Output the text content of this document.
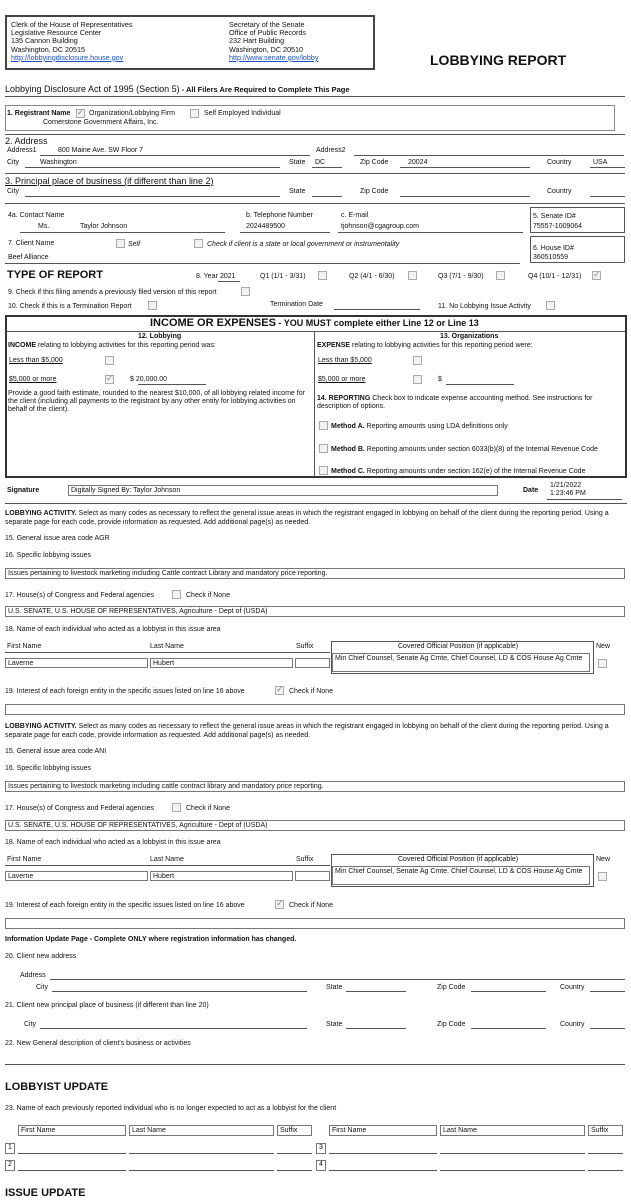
Clerk of the House of Representatives
Legislative Resource Center
135 Cannon Building
Washington, DC 20515
http://lobbyingdisclosure.house.gov
Secretary of the Senate
Office of Public Records
232 Hart Building
Washington, DC 20510
http://www.senate.gov/lobby	LOBBYING REPORT
Lobbying Disclosure Act of 1995 (Section 5) - All Filers Are Required to Complete This Page
1. Registrant Name ✓	Organization/Lobbying Firm	Self Employed Individual
Cornerstone Government Affairs, Inc.
2. Address
Address1	800 Maine Ave. SW Floor 7	Address2
City	Washington	State DC	Zip Code	20024	Country	USA
3. Principal place of business (if different than line 2)
City	State	Zip Code	Country
4a. Contact Name
Ms.	Taylor Johnson
b. Telephone Number
2024489500
c. E-mail
tjohnson@cgagroup.com
5. Senate ID#
75557-1009064
7. Client Name	Self	Check if client is a state or local government or instrumentality
Beef Alliance
6. House ID#
360510559
TYPE OF REPORT	8. Year 2021	Q1 (1/1 - 3/31)	Q2 (4/1 - 6/30)	Q3 (7/1 - 9/30)	Q4 (10/1 - 12/31)
✓
9. Check if this filing amends a previously filed version of this report
10. Check if this is a Termination Report	Termination Date	11. No Lobbying Issue Activity
INCOME OR EXPENSES - YOU MUST complete either Line 12 or Line 13
12. Lobbying
INCOME relating to lobbying activities for this reporting period was:
Less than $5,000
$5,000 or more ✓	$ 20,000.00
Provide a good faith estimate, rounded to the nearest $10,000, of all lobbying related income for the client (including all payments to the registrant by any other entity for lobbying activities on behalf of the client).
13. Organizations
EXPENSE relating to lobbying activities for this reporting period were:
Less than $5,000
$5,000 or more	$
14. REPORTING Check box to indicate expense accounting method. See instructions for description of options.
Method A. Reporting amounts using LDA definitions only
Method B. Reporting amounts under section 6033(b)(8) of the Internal Revenue Code
Method C. Reporting amounts under section 162(e) of the Internal Revenue Code
Signature	Digitally Signed By: Taylor Johnson	Date
1/21/2022
1:23:46 PM
LOBBYING ACTIVITY. Select as many codes as necessary to reflect the general issue areas in which the registrant engaged in lobbying on behalf of the client during the reporting period. Using a separate page for each code, provide information as requested. Add additional page(s) as needed.
15. General issue area code AGR
16. Specific lobbying issues
Issues pertaining to livestock marketing including Cattle contract Library and mandatory price reporting.
17. House(s) of Congress and Federal agencies	Check if None
U.S. SENATE, U.S. HOUSE OF REPRESENTATIVES, Agriculture - Dept of (USDA)
18. Name of each individual who acted as a lobbyist in this issue area
First Name	Last Name	Suffix	Covered Official Position (if applicable)	New
Laverne	Hubert
Min Chief Counsel, Senate Ag Cmte, Chief Counsel, LD & COS House Ag Cmte
19. Interest of each foreign entity in the specific issues listed on line 16 above ✓	Check if None
LOBBYING ACTIVITY. Select as many codes as necessary to reflect the general issue areas in which the registrant engaged in lobbying on behalf of the client during the reporting period. Using a separate page for each code, provide information as requested. Add additional page(s) as needed.
15. General issue area code ANI
16. Specific lobbying issues
Issues pertaining to livestock marketing including cattle contract library and mandatory price reporting.
17. House(s) of Congress and Federal agencies	Check if None
U.S. SENATE, U.S. HOUSE OF REPRESENTATIVES, Agriculture - Dept of (USDA)
18. Name of each individual who acted as a lobbyist in this issue area
First Name	Last Name	Suffix	Covered Official Position (if applicable)	New
Laverne	Hubert
Min Chief Counsel, Senate Ag Cmte, Chief Counsel, LD & COS House Ag Cmte
19. Interest of each foreign entity in the specific issues listed on line 16 above ✓	Check if None
Information Update Page - Complete ONLY where registration information has changed.
20. Client new address
Address
City	State	Zip Code	Country
21. Client new principal place of business (if different than line 20)
City	State	Zip Code	Country
22. New General description of client's business or activities
LOBBYIST UPDATE
23. Name of each previously reported individual who is no longer expected to act as a lobbyist for the client
First Name	Last Name	Suffix	First Name	Last Name	Suffix
1	3
2	4
ISSUE UPDATE
